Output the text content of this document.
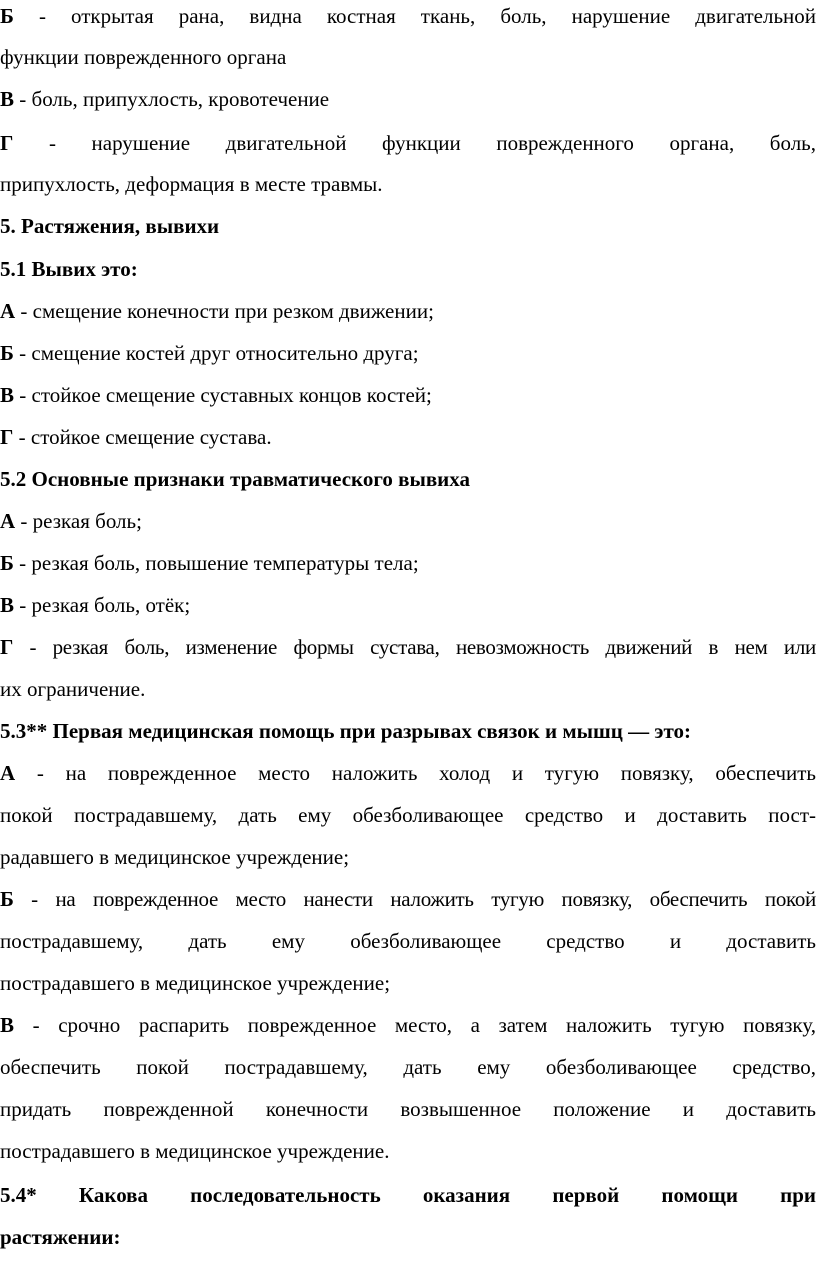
Б - открытая рана, видна костная ткань, боль, нарушение двигательной
функции поврежденного органа
В - боль, припухлость, кровотечение
Г - нарушение двигательной функции поврежденного органа, боль,
припухлость, деформация в месте травмы.
5. Растяжения, вывихи
5.1 Вывих это:
А - смещение конечности при резком движении;
Б - смещение костей друг относительно друга;
В - стойкое смещение суставных концов костей;
Г - стойкое смещение сустава.
5.2 Основные признаки травматического вывиха
А - резкая боль;
Б - резкая боль, повышение температуры тела;
В - резкая боль, отёк;
Г - резкая боль, изменение формы сустава, невозможность движений в нем или
их ограничение.
5.3** Первая медицинская помощь при разрывах связок и мышц — это:
А - на поврежденное место наложить холод и тугую повязку, обеспечить
покой пострадавшему, дать ему обезболивающее средство и доставить пост-
радавшего в медицинское учреждение;
Б - на поврежденное место нанести наложить тугую повязку, обеспечить покой
пострадавшему, дать ему обезболивающее средство и доставить
пострадавшего в медицинское учреждение;
В - срочно распарить поврежденное место, а затем наложить тугую повязку,
обеспечить покой пострадавшему, дать ему обезболивающее средство,
придать поврежденной конечности возвышенное положение и доставить
пострадавшего в медицинское учреждение.
5.4* Какова последовательность оказания первой помощи при
растяжении:
